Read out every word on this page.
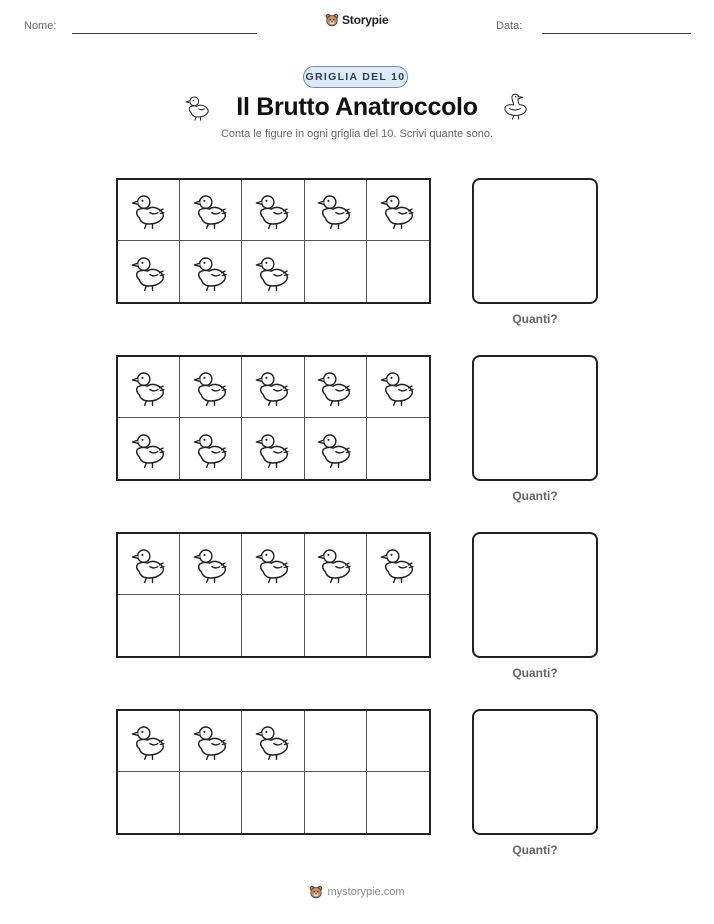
Nome:	Storypie	Data:
GRIGLIA DEL 10
Il Brutto Anatroccolo
Conta le figure in ogni griglia del 10. Scrivi quante sono.
Quanti?
Quanti?
Quanti?
Quanti?
mystorypie.com
